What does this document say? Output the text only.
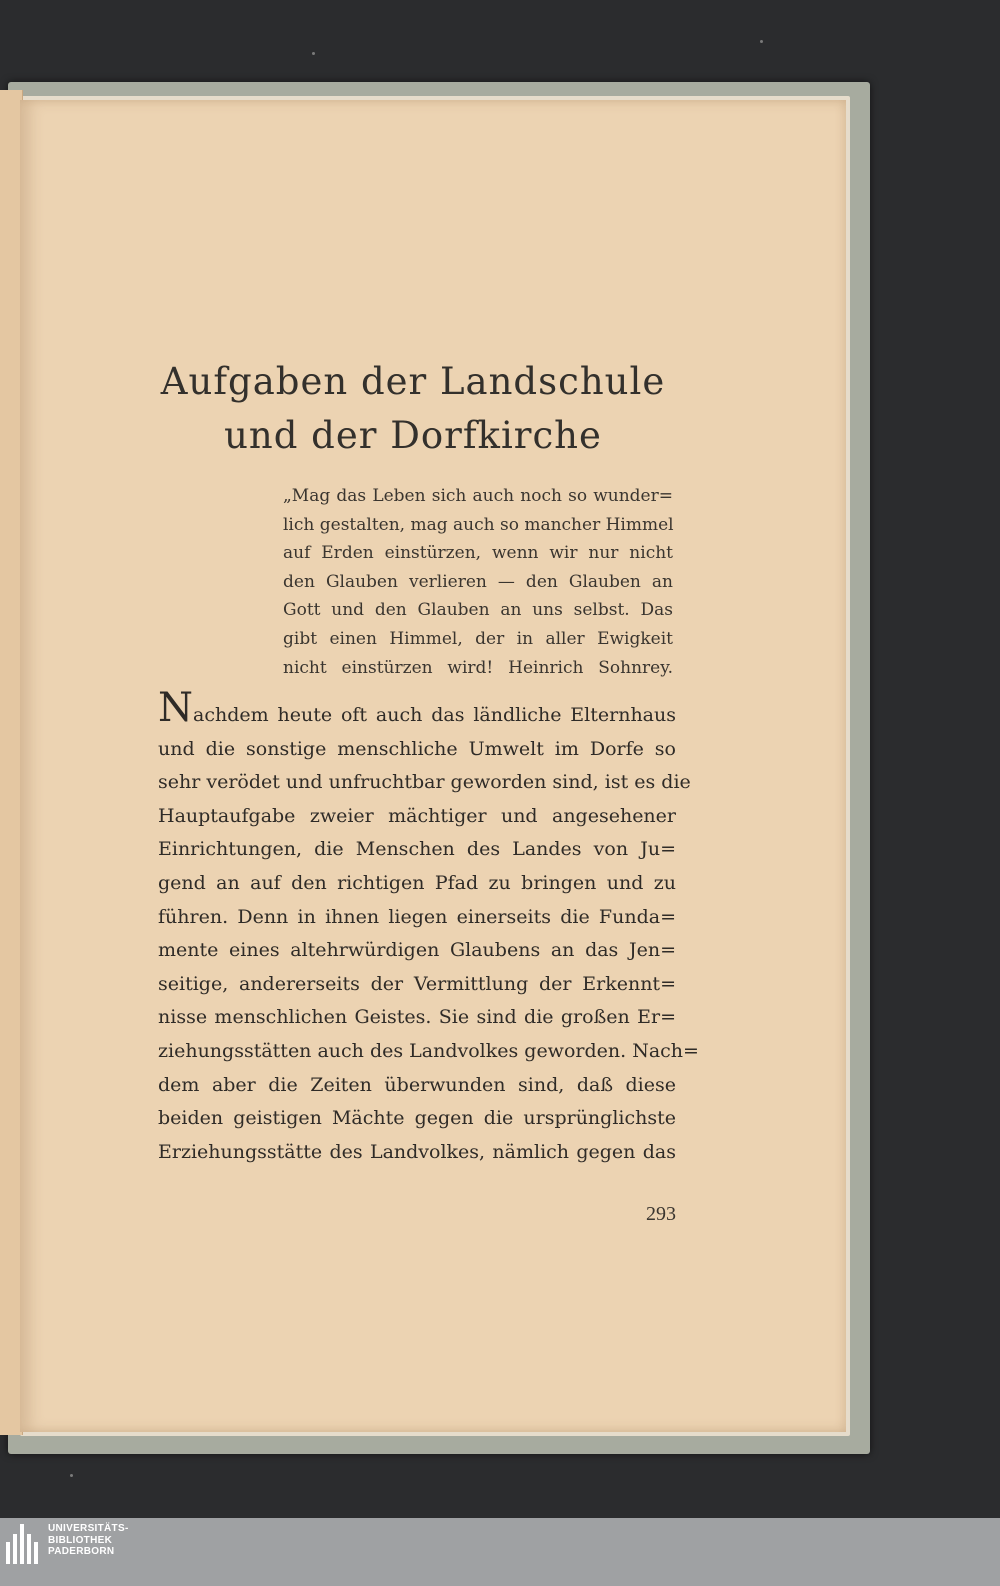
Aufgaben der Landschule
und der Dorfkirche
„Mag das Leben sich auch noch so wunder=
lich gestalten, mag auch so mancher Himmel
auf Erden einstürzen, wenn wir nur nicht
den Glauben verlieren — den Glauben an
Gott und den Glauben an uns selbst. Das
gibt einen Himmel, der in aller Ewigkeit
nicht einstürzen wird! Heinrich Sohnrey.
Nachdem heute oft auch das ländliche Elternhaus
und die sonstige menschliche Umwelt im Dorfe so
sehr verödet und unfruchtbar geworden sind, ist es die
Hauptaufgabe zweier mächtiger und angesehener
Einrichtungen, die Menschen des Landes von Ju=
gend an auf den richtigen Pfad zu bringen und zu
führen. Denn in ihnen liegen einerseits die Funda=
mente eines altehrwürdigen Glaubens an das Jen=
seitige, andererseits der Vermittlung der Erkennt=
nisse menschlichen Geistes. Sie sind die großen Er=
ziehungsstätten auch des Landvolkes geworden. Nach=
dem aber die Zeiten überwunden sind, daß diese
beiden geistigen Mächte gegen die ursprünglichste
Erziehungsstätte des Landvolkes, nämlich gegen das
293
UNIVERSITÄTS-
BIBLIOTHEK
PADERBORN
